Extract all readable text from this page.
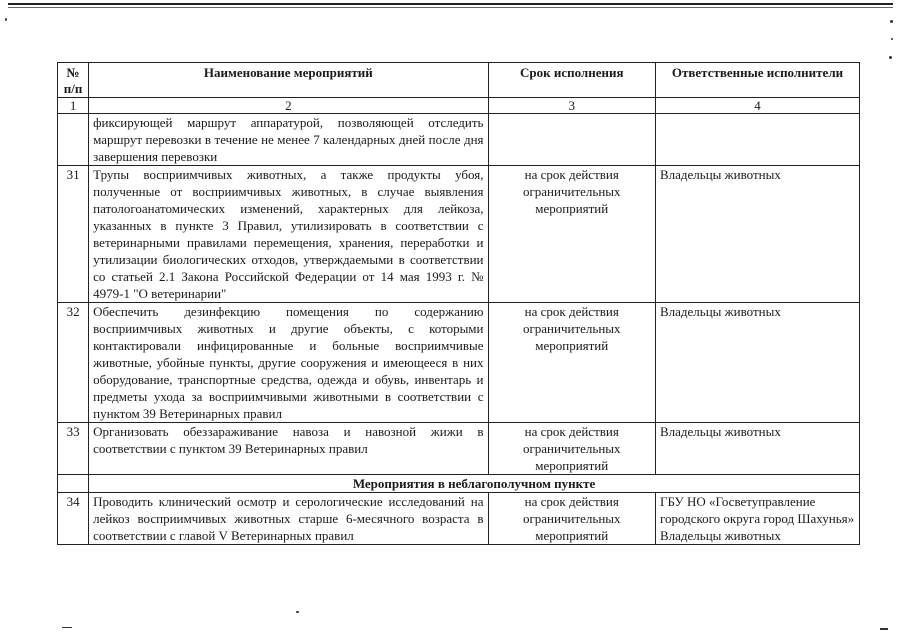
№ п/п	Наименование мероприятий	Срок исполнения	Ответственные исполнители
1	2	3	4
	фиксирующей маршрут аппаратурой, позволяющей отследить маршрут перевозки в течение не менее 7 календарных дней после дня завершения перевозки		
31	Трупы восприимчивых животных, а также продукты убоя, полученные от восприимчивых животных, в случае выявления патологоанатомических изменений, характерных для лейкоза, указанных в пункте 3 Правил, утилизировать в соответствии с ветеринарными правилами перемещения, хранения, переработки и утилизации биологических отходов, утверждаемыми в соответствии со статьей 2.1 Закона Российской Федерации от 14 мая 1993 г. № 4979-1 "О ветеринарии"	на срок действия ограничительных мероприятий	Владельцы животных
32	Обеспечить дезинфекцию помещения по содержанию восприимчивых животных и другие объекты, с которыми контактировали инфицированные и больные восприимчивые животные, убойные пункты, другие сооружения и имеющееся в них оборудование, транспортные средства, одежда и обувь, инвентарь и предметы ухода за восприимчивыми животными в соответствии с пунктом 39 Ветеринарных правил	на срок действия ограничительных мероприятий	Владельцы животных
33	Организовать обеззараживание навоза и навозной жижи в соответствии с пунктом 39 Ветеринарных правил	на срок действия ограничительных мероприятий	Владельцы животных
	Мероприятия в неблагополучном пункте		
34	Проводить клинический осмотр и серологические исследований на лейкоз восприимчивых животных старше 6-месячного возраста в соответствии с главой V Ветеринарных правил	на срок действия ограничительных мероприятий	ГБУ НО «Госветуправление городского округа город Шахунья» Владельцы животных
